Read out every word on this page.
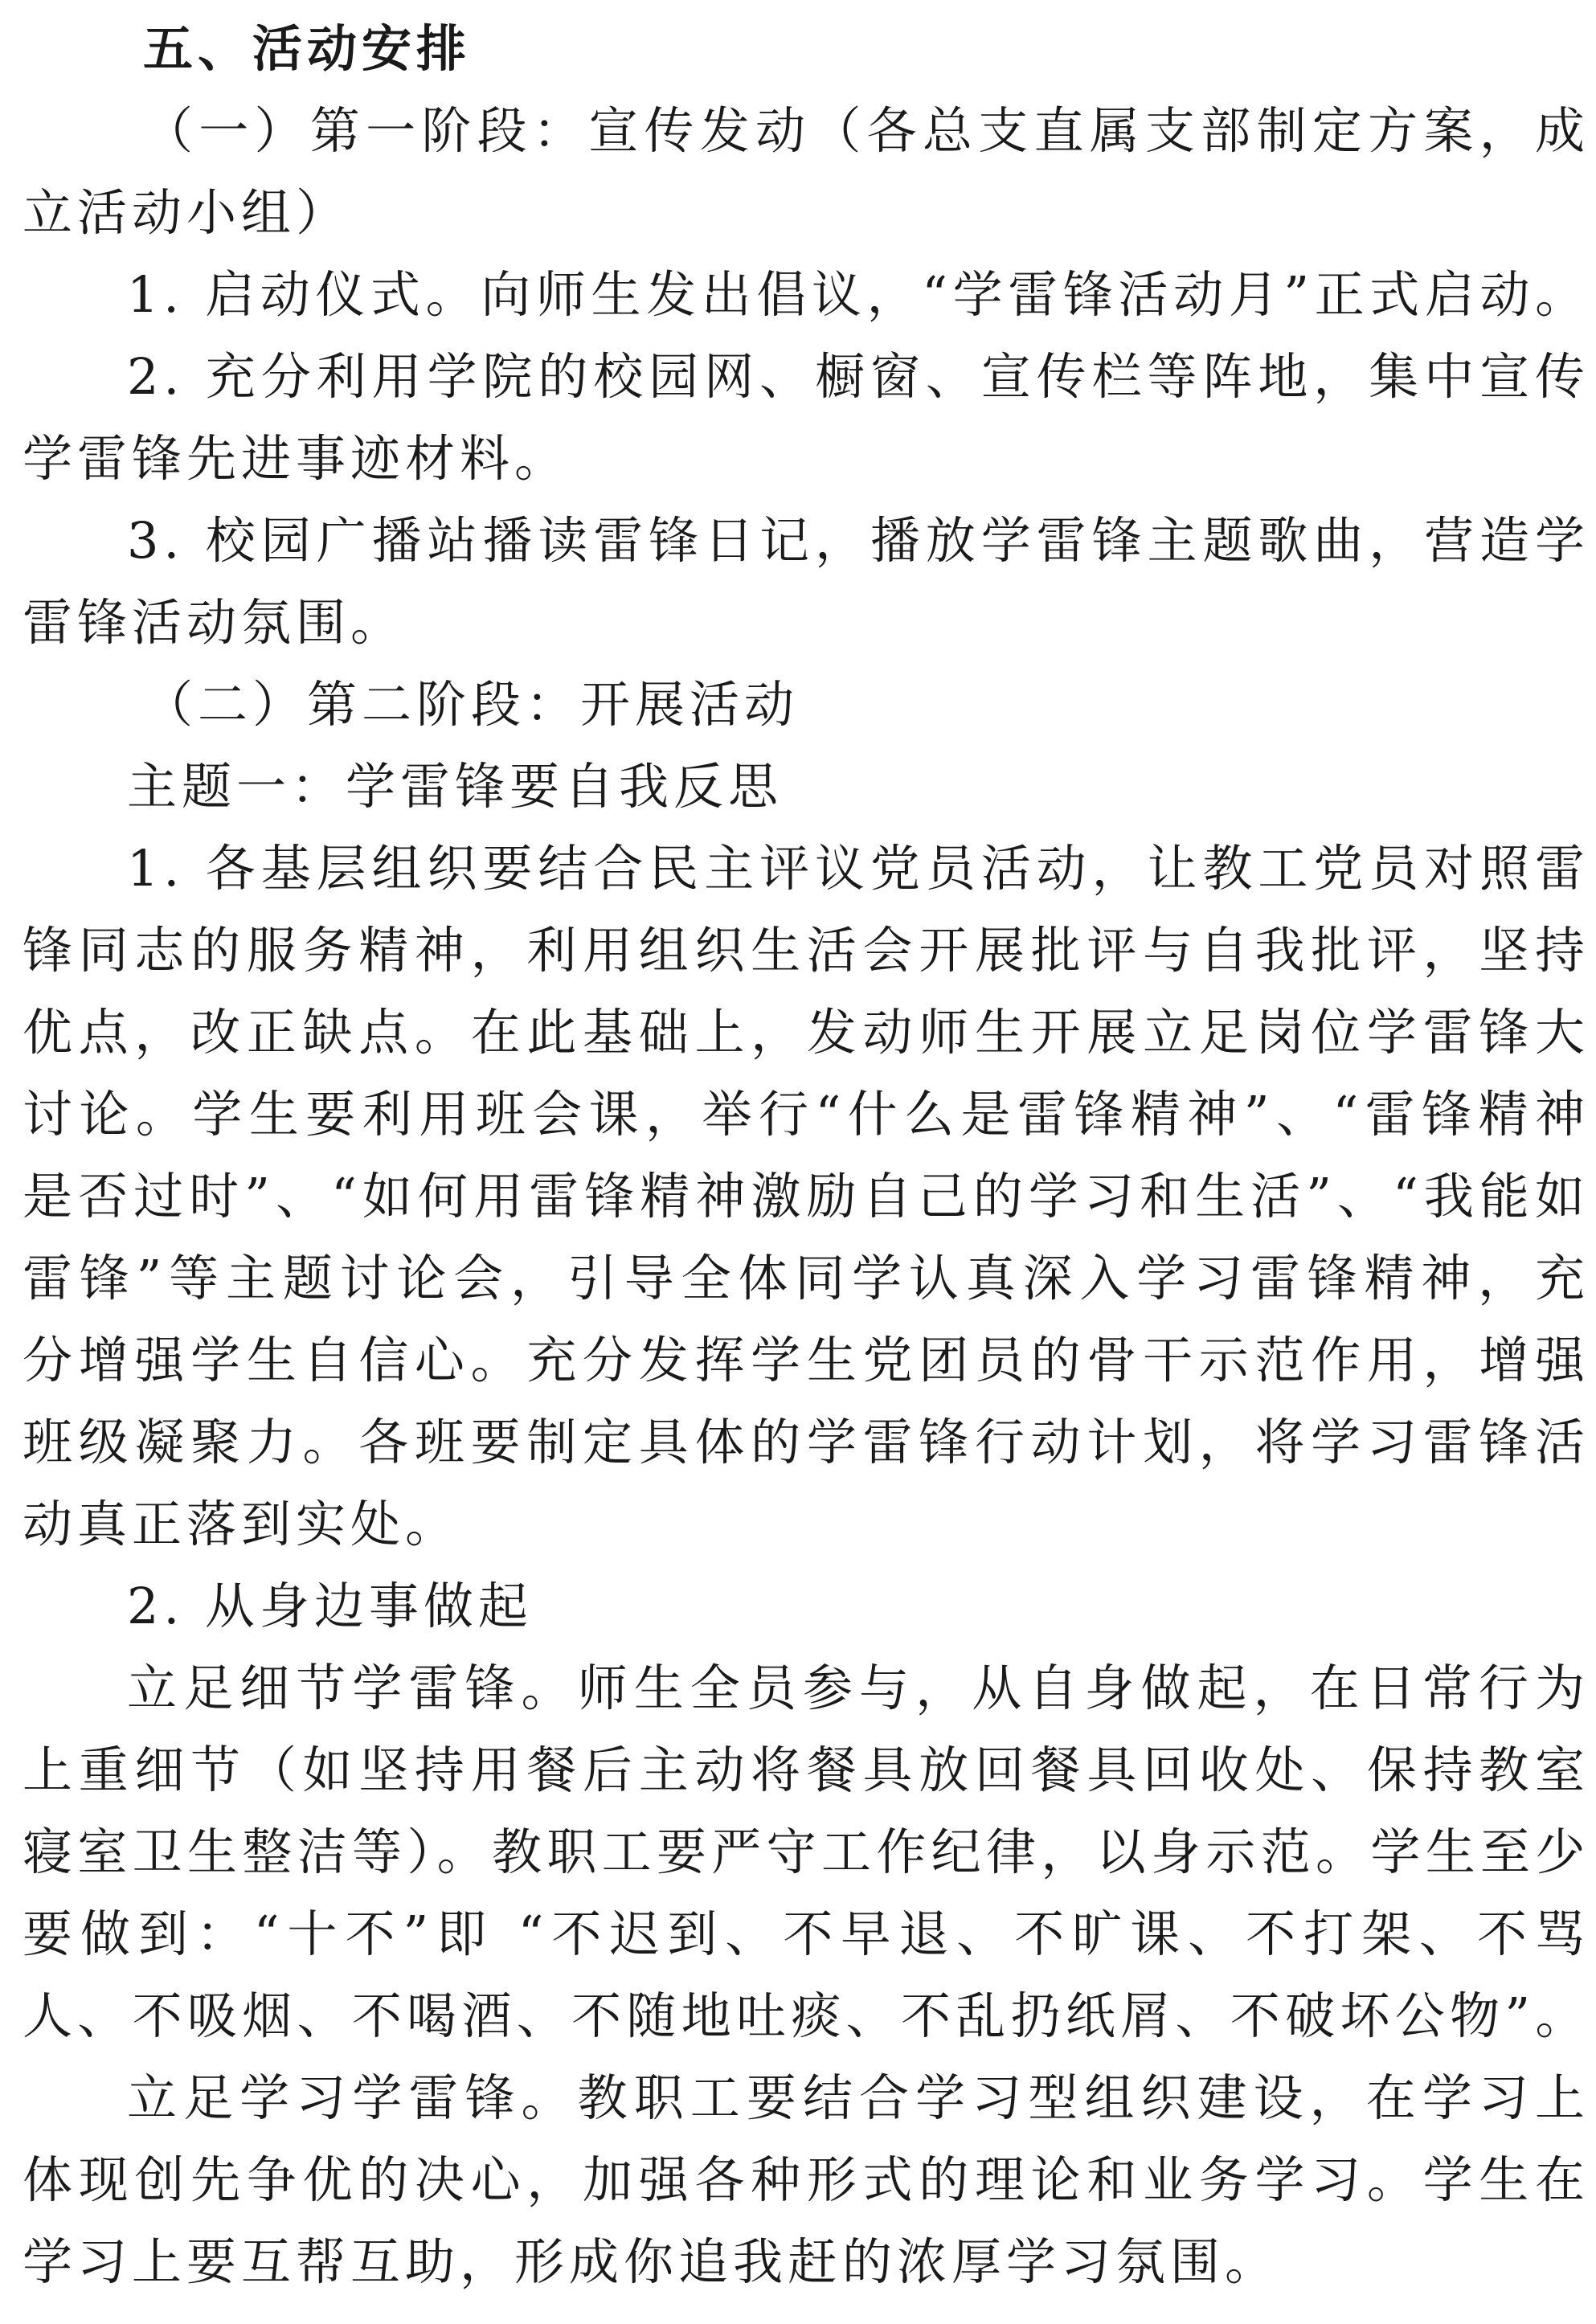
五、活动安排
（一）第一阶段：宣传发动（各总支直属支部制定方案，成
立活动小组）
1. 启动仪式。向师生发出倡议，“学雷锋活动月”正式启动。
2. 充分利用学院的校园网、橱窗、宣传栏等阵地，集中宣传
学雷锋先进事迹材料。
3. 校园广播站播读雷锋日记，播放学雷锋主题歌曲，营造学
雷锋活动氛围。
（二）第二阶段：开展活动
主题一：学雷锋要自我反思
1. 各基层组织要结合民主评议党员活动，让教工党员对照雷
锋同志的服务精神，利用组织生活会开展批评与自我批评，坚持
优点，改正缺点。在此基础上，发动师生开展立足岗位学雷锋大
讨论。学生要利用班会课，举行“什么是雷锋精神”、“雷锋精神
是否过时”、“如何用雷锋精神激励自己的学习和生活”、“我能如
雷锋”等主题讨论会，引导全体同学认真深入学习雷锋精神，充
分增强学生自信心。充分发挥学生党团员的骨干示范作用，增强
班级凝聚力。各班要制定具体的学雷锋行动计划，将学习雷锋活
动真正落到实处。
2. 从身边事做起
立足细节学雷锋。师生全员参与，从自身做起，在日常行为
上重细节（如坚持用餐后主动将餐具放回餐具回收处、保持教室
寝室卫生整洁等）。教职工要严守工作纪律，以身示范。学生至少
要做到：“十不”即 “不迟到、不早退、不旷课、不打架、不骂
人、不吸烟、不喝酒、不随地吐痰、不乱扔纸屑、不破坏公物”。
立足学习学雷锋。教职工要结合学习型组织建设，在学习上
体现创先争优的决心，加强各种形式的理论和业务学习。学生在
学习上要互帮互助，形成你追我赶的浓厚学习氛围。
